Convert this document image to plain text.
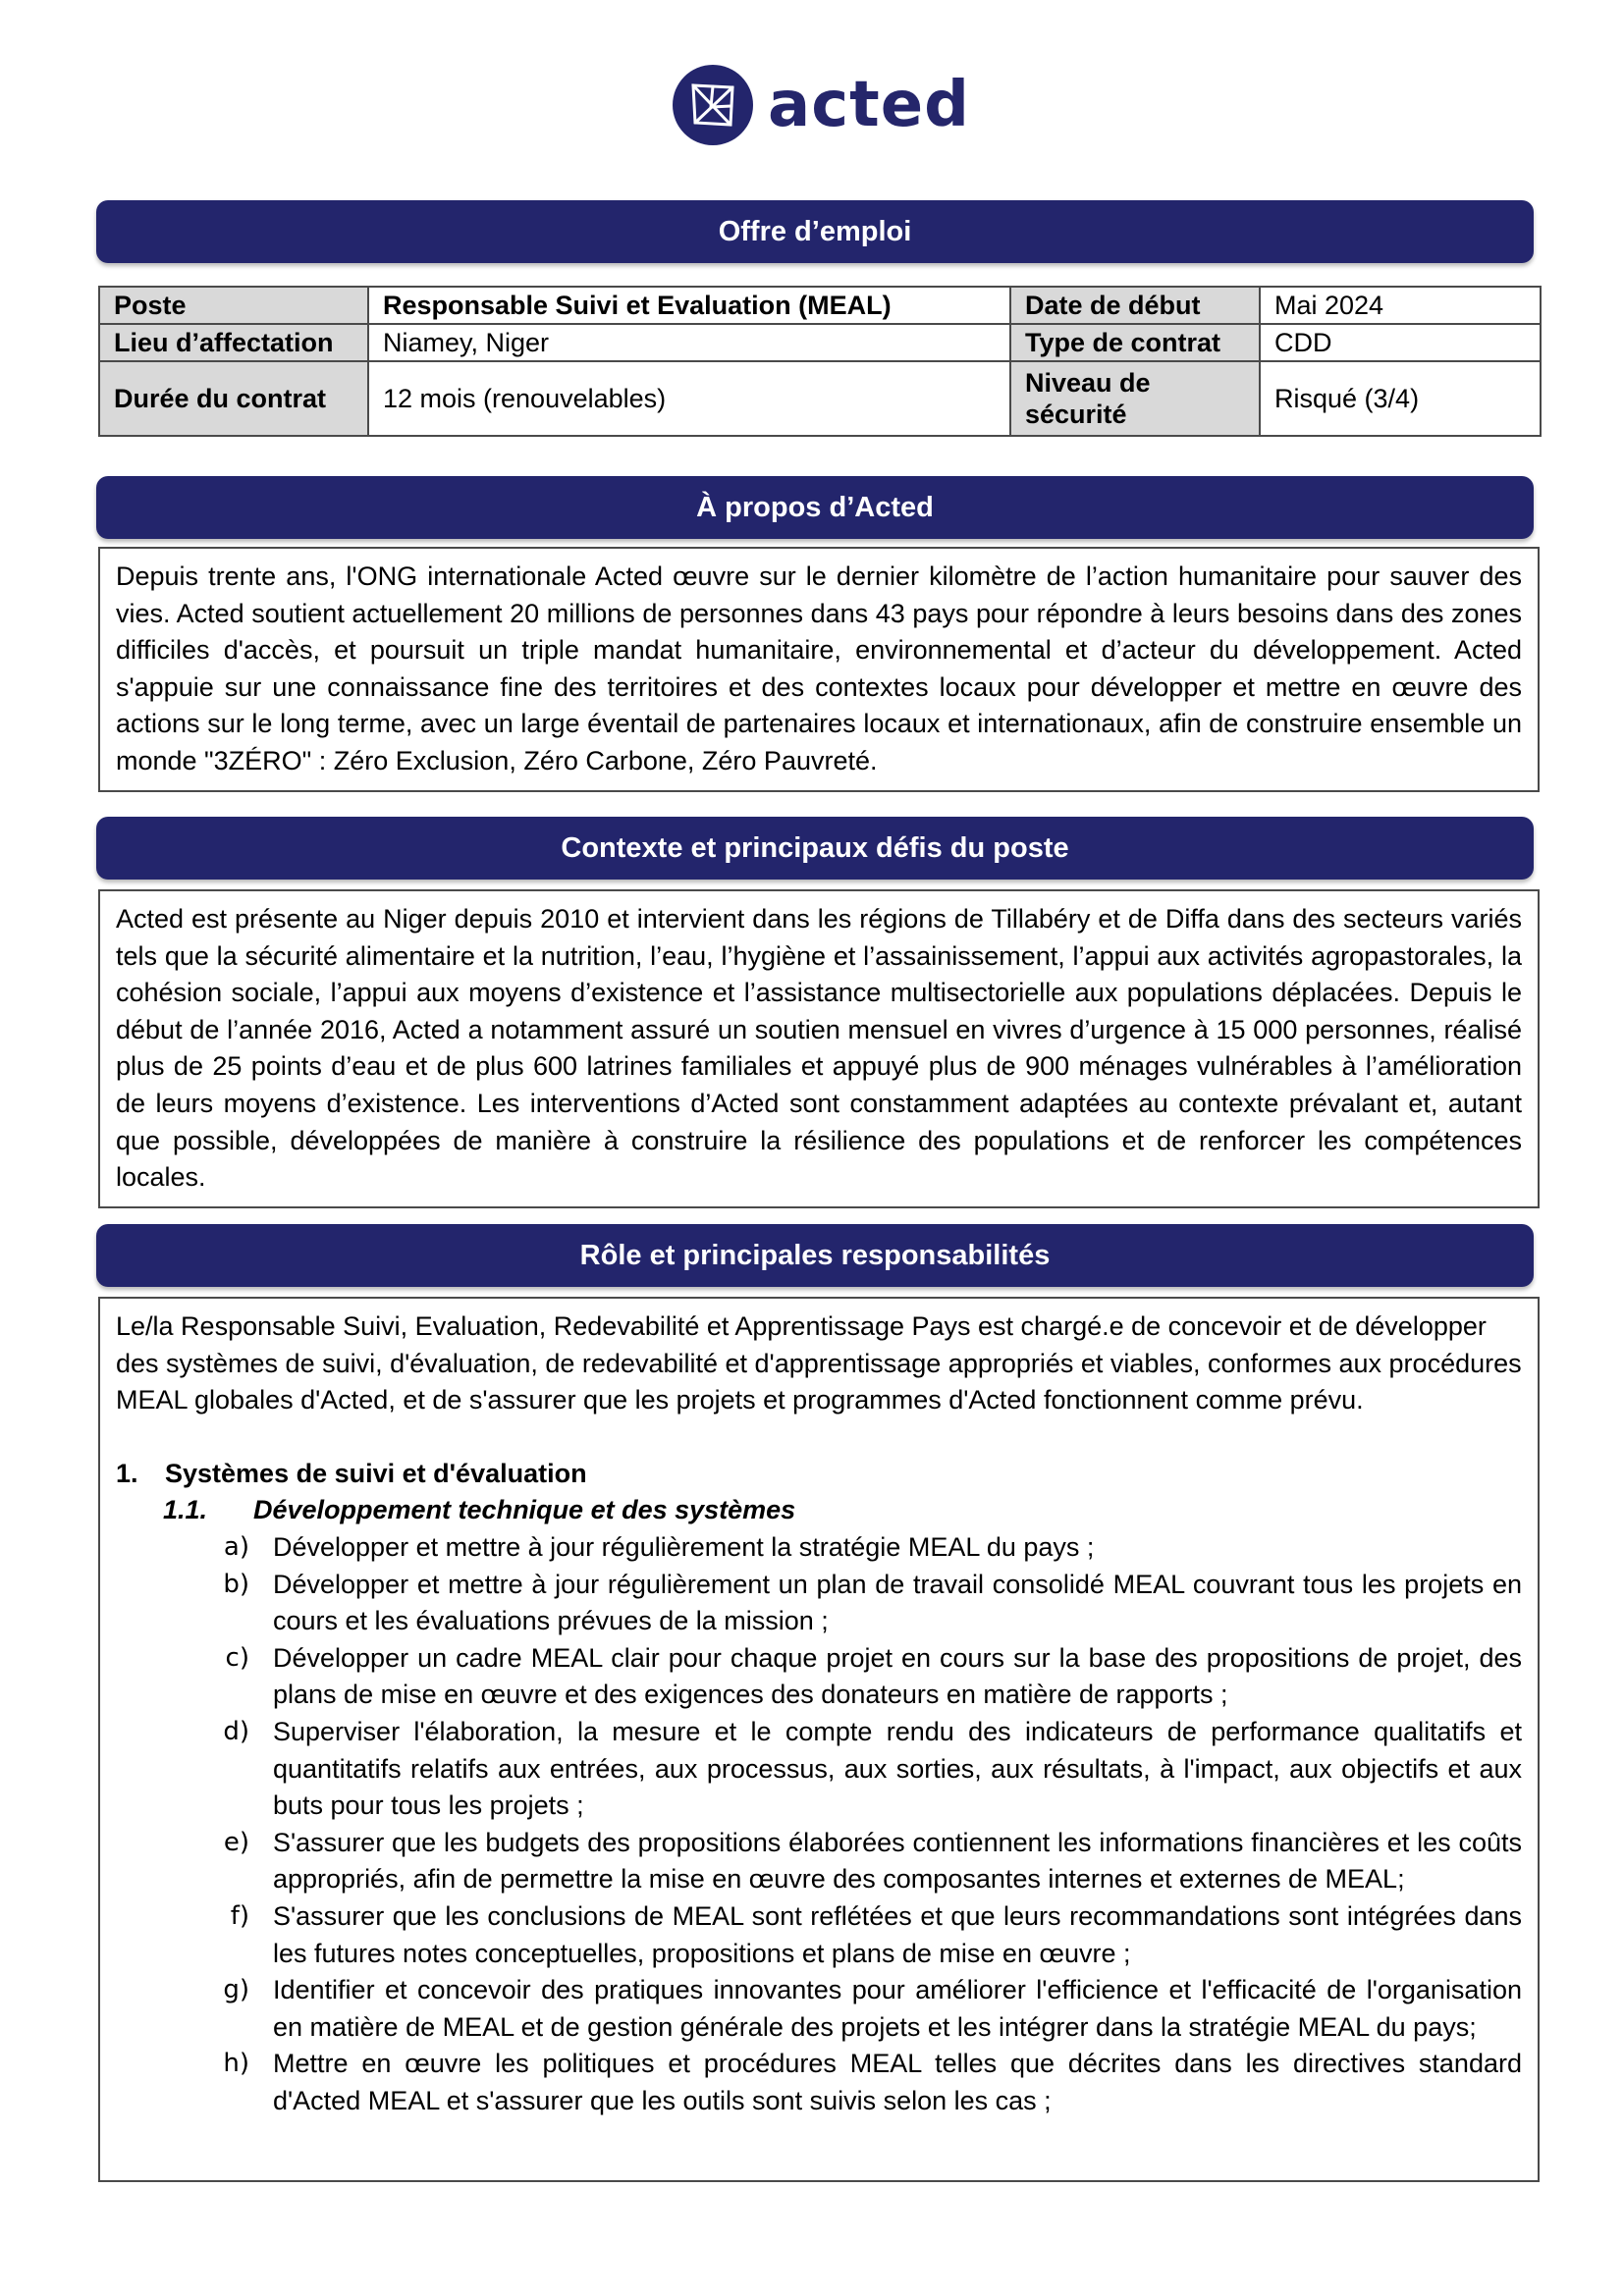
acted
Offre d’emploi
Poste	Responsable Suivi et Evaluation (MEAL)	Date de début	Mai 2024
Lieu d’affectation	Niamey, Niger	Type de contrat	CDD
Durée du contrat	12 mois (renouvelables)	Niveau de sécurité	Risqué (3/4)
À propos d’Acted

Depuis trente ans, l'ONG internationale Acted œuvre sur le dernier kilomètre de l’action humanitaire pour sauver des vies. Acted soutient actuellement 20 millions de personnes dans 43 pays pour répondre à leurs besoins dans des zones difficiles d'accès, et poursuit un triple mandat humanitaire, environnemental et d’acteur du développement. Acted s'appuie sur une connaissance fine des territoires et des contextes locaux pour développer et mettre en œuvre des actions sur le long terme, avec un large éventail de partenaires locaux et internationaux, afin de construire ensemble un monde "3ZÉRO" : Zéro Exclusion, Zéro Carbone, Zéro Pauvreté.

Contexte et principaux défis du poste

Acted est présente au Niger depuis 2010 et intervient dans les régions de Tillabéry et de Diffa dans des secteurs variés tels que la sécurité alimentaire et la nutrition, l’eau, l’hygiène et l’assainissement, l’appui aux activités agropastorales, la cohésion sociale, l’appui aux moyens d’existence et l’assistance multisectorielle aux populations déplacées. Depuis le début de l’année 2016, Acted a notamment assuré un soutien mensuel en vivres d’urgence à 15 000 personnes, réalisé plus de 25 points d’eau et de plus 600 latrines familiales et appuyé plus de 900 ménages vulnérables à l’amélioration de leurs moyens d’existence. Les interventions d’Acted sont constamment adaptées au contexte prévalant et, autant que possible, développées de manière à construire la résilience des populations et de renforcer les compétences locales.

Rôle et principales responsabilités

Le/la Responsable Suivi, Evaluation, Redevabilité et Apprentissage Pays est chargé.e de concevoir et de développer des systèmes de suivi, d'évaluation, de redevabilité et d'apprentissage appropriés et viables, conformes aux procédures MEAL globales d'Acted, et de s'assurer que les projets et programmes d'Acted fonctionnent comme prévu.

1.	Systèmes de suivi et d'évaluation
1.1.	Développement technique et des systèmes
a) Développer et mettre à jour régulièrement la stratégie MEAL du pays ;
b) Développer et mettre à jour régulièrement un plan de travail consolidé MEAL couvrant tous les projets en cours et les évaluations prévues de la mission ;
c) Développer un cadre MEAL clair pour chaque projet en cours sur la base des propositions de projet, des plans de mise en œuvre et des exigences des donateurs en matière de rapports ;
d) Superviser l'élaboration, la mesure et le compte rendu des indicateurs de performance qualitatifs et quantitatifs relatifs aux entrées, aux processus, aux sorties, aux résultats, à l'impact, aux objectifs et aux buts pour tous les projets ;
e) S'assurer que les budgets des propositions élaborées contiennent les informations financières et les coûts appropriés, afin de permettre la mise en œuvre des composantes internes et externes de MEAL;
f) S'assurer que les conclusions de MEAL sont reflétées et que leurs recommandations sont intégrées dans les futures notes conceptuelles, propositions et plans de mise en œuvre ;
g) Identifier et concevoir des pratiques innovantes pour améliorer l'efficience et l'efficacité de l'organisation en matière de MEAL et de gestion générale des projets et les intégrer dans la stratégie MEAL du pays;
h) Mettre en œuvre les politiques et procédures MEAL telles que décrites dans les directives standard d'Acted MEAL et s'assurer que les outils sont suivis selon les cas ;
